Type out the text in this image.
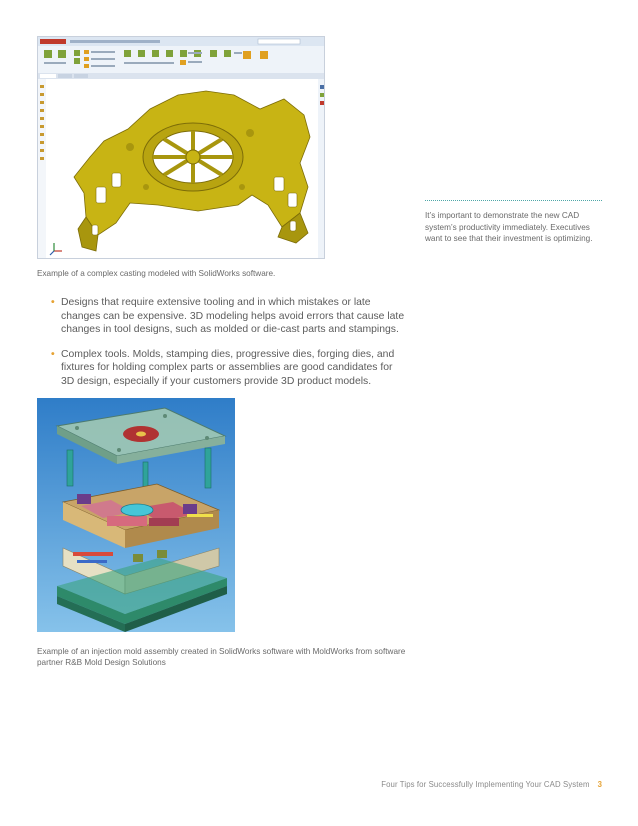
Example of a complex casting modeled with SolidWorks software.
• Designs that require extensive tooling and in which mistakes or late changes can be expensive. 3D modeling helps avoid errors that cause late changes in tool designs, such as molded or die-cast parts and stampings.
• Complex tools. Molds, stamping dies, progressive dies, forging dies, and fixtures for holding complex parts or assemblies are good candidates for 3D design, especially if your customers provide 3D product models.
Example of an injection mold assembly created in SolidWorks software with MoldWorks from software partner R&B Mold Design Solutions

It’s important to demonstrate the new CAD system’s productivity immediately. Executives want to see that their investment is optimizing.

Four Tips for Successfully Implementing Your CAD System 3
